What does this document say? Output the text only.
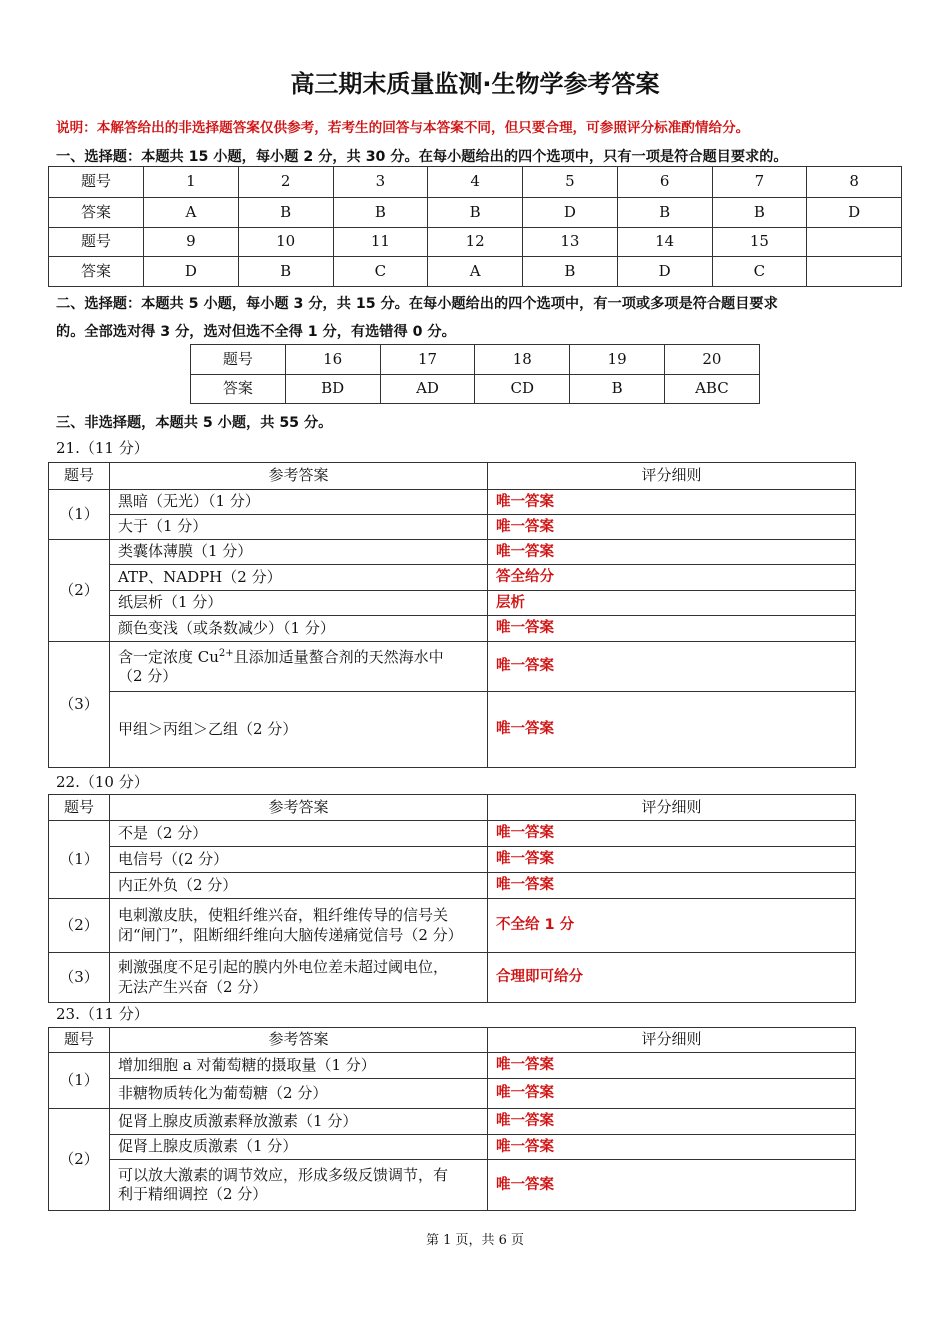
高三期末质量监测·生物学参考答案
说明：本解答给出的非选择题答案仅供参考，若考生的回答与本答案不同，但只要合理，可参照评分标准酌情给分。
一、选择题：本题共 15 小题，每小题 2 分，共 30 分。在每小题给出的四个选项中，只有一项是符合题目要求的。
题号	1	2	3	4	5	6	7	8
答案	A	B	B	B	D	B	B	D
题号	9	10	11	12	13	14	15	
答案	D	B	C	A	B	D	C	
二、选择题：本题共 5 小题，每小题 3 分，共 15 分。在每小题给出的四个选项中，有一项或多项是符合题目要求
的。全部选对得 3 分，选对但选不全得 1 分，有选错得 0 分。
题号	16	17	18	19	20
答案	BD	AD	CD	B	ABC
三、非选择题，本题共 5 小题，共 55 分。
21.（11 分）
题号	参考答案	评分细则
（1）	黑暗（无光）（1 分）	唯一答案
	大于（1 分）	唯一答案
（2）	类囊体薄膜（1 分）	唯一答案
	ATP、NADPH（2 分）	答全给分
	纸层析（1 分）	层析
	颜色变浅（或条数减少）（1 分）	唯一答案
（3）	含一定浓度 $Cu^{2+}$且添加适量螯合剂的天然海水中
（2 分）	唯一答案
	甲组＞丙组＞乙组（2 分）	唯一答案
22.（10 分）
题号	参考答案	评分细则
（1）	不是（2 分）	唯一答案
	电信号（(2 分）	唯一答案
	内正外负（2 分）	唯一答案
（2）	电刺激皮肤，使粗纤维兴奋，粗纤维传导的信号关
闭“闸门”，阻断细纤维向大脑传递痛觉信号（2 分）	不全给 1 分
（3）	刺激强度不足引起的膜内外电位差未超过阈电位，
无法产生兴奋（2 分）	合理即可给分
23.（11 分）
题号	参考答案	评分细则
（1）	增加细胞 a 对葡萄糖的摄取量（1 分）	唯一答案
	非糖物质转化为葡萄糖（2 分）	唯一答案
（2）	促肾上腺皮质激素释放激素（1 分）	唯一答案
	促肾上腺皮质激素（1 分）	唯一答案

	可以放大激素的调节效应，形成多级反馈调节，有
利于精细调控（2 分）	唯一答案
第 1 页，共 6 页
